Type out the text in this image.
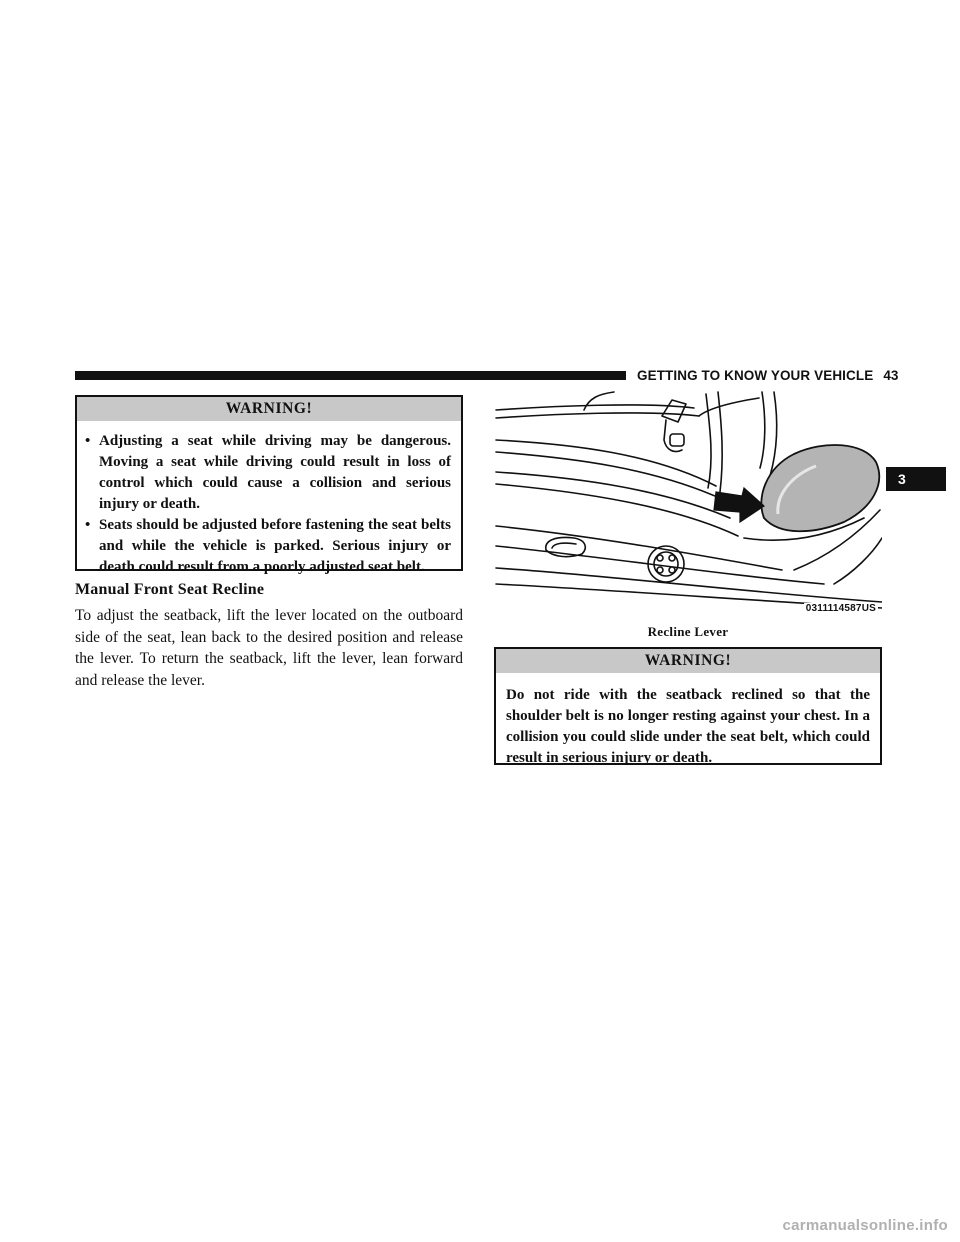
GETTING TO KNOW YOUR VEHICLE 43
3
WARNING!
• Adjusting a seat while driving may be dangerous. Moving a seat while driving could result in loss of control which could cause a collision and serious injury or death.
• Seats should be adjusted before fastening the seat belts and while the vehicle is parked. Serious injury or death could result from a poorly adjusted seat belt.
Manual Front Seat Recline
To adjust the seatback, lift the lever located on the outboard side of the seat, lean back to the desired position and release the lever. To return the seatback, lift the lever, lean forward and release the lever.
0311114587US
Recline Lever
WARNING!
Do not ride with the seatback reclined so that the shoulder belt is no longer resting against your chest. In a collision you could slide under the seat belt, which could result in serious injury or death.
carmanualsonline.info
